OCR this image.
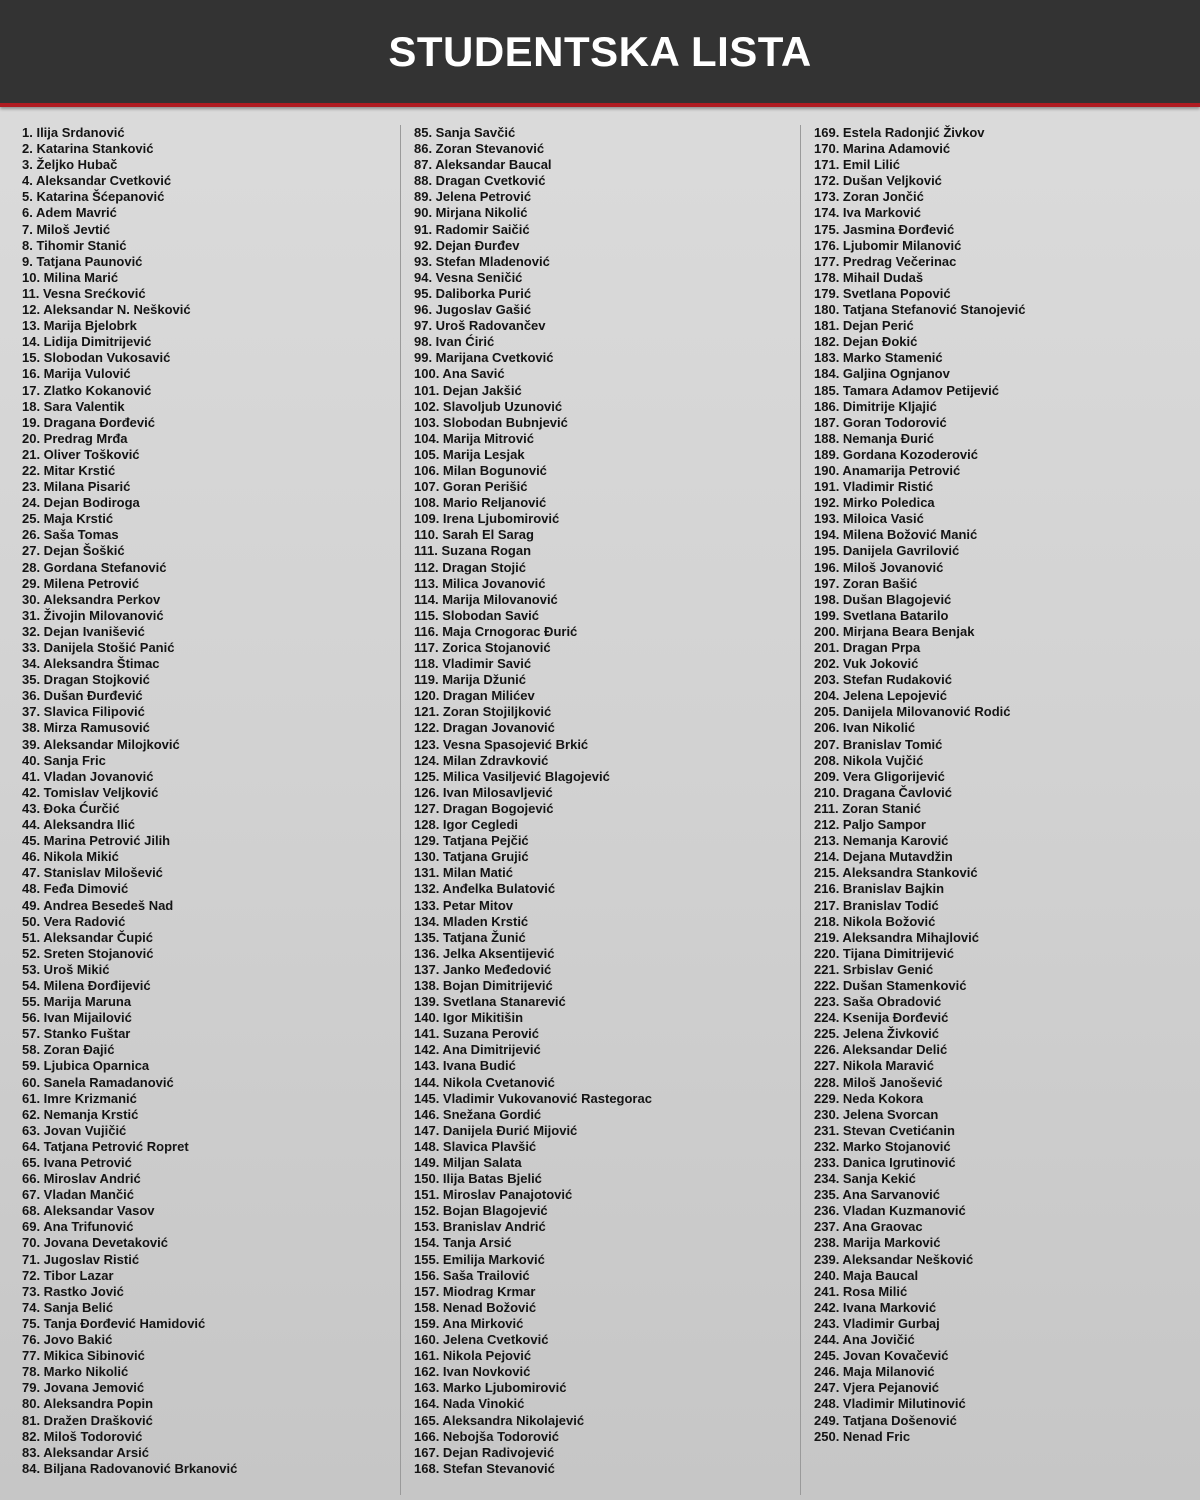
STUDENTSKA LISTA
1. Ilija Srdanović
2. Katarina Stanković
3. Željko Hubač
4. Aleksandar Cvetković
5. Katarina Šćepanović
6. Adem Mavrić
7. Miloš Jevtić
8. Tihomir Stanić
9. Tatjana Paunović
10. Milina Marić
11. Vesna Srećković
12. Aleksandar N. Nešković
13. Marija Bjelobrk
14. Lidija Dimitrijević
15. Slobodan Vukosavić
16. Marija Vulović
17. Zlatko Kokanović
18. Sara Valentik
19. Dragana Đorđević
20. Predrag Mrđa
21. Oliver Tošković
22. Mitar Krstić
23. Milana Pisarić
24. Dejan Bodiroga
25. Maja Krstić
26. Saša Tomas
27. Dejan Šoškić
28. Gordana Stefanović
29. Milena Petrović
30. Aleksandra Perkov
31. Živojin Milovanović
32. Dejan Ivanišević
33. Danijela Stošić Panić
34. Aleksandra Štimac
35. Dragan Stojković
36. Dušan Đurđević
37. Slavica Filipović
38. Mirza Ramusović
39. Aleksandar Milojković
40. Sanja Fric
41. Vladan Jovanović
42. Tomislav Veljković
43. Đoka Ćurčić
44. Aleksandra Ilić
45. Marina Petrović Jilih
46. Nikola Mikić
47. Stanislav Milošević
48. Feđa Dimović
49. Andrea Besedeš Nad
50. Vera Radović
51. Aleksandar Čupić
52. Sreten Stojanović
53. Uroš Mikić
54. Milena Đorđijević
55. Marija Maruna
56. Ivan Mijailović
57. Stanko Fuštar
58. Zoran Đajić
59. Ljubica Oparnica
60. Sanela Ramadanović
61. Imre Krizmanić
62. Nemanja Krstić
63. Jovan Vujičić
64. Tatjana Petrović Ropret
65. Ivana Petrović
66. Miroslav Andrić
67. Vladan Mančić
68. Aleksandar Vasov
69. Ana Trifunović
70. Jovana Devetaković
71. Jugoslav Ristić
72. Tibor Lazar
73. Rastko Jović
74. Sanja Belić
75. Tanja Đorđević Hamidović
76. Jovo Bakić
77. Mikica Sibinović
78. Marko Nikolić
79. Jovana Jemović
80. Aleksandra Popin
81. Dražen Drašković
82. Miloš Todorović
83. Aleksandar Arsić
84. Biljana Radovanović Brkanović
85. Sanja Savčić
86. Zoran Stevanović
87. Aleksandar Baucal
88. Dragan Cvetković
89. Jelena Petrović
90. Mirjana Nikolić
91. Radomir Saičić
92. Dejan Đurđev
93. Stefan Mladenović
94. Vesna Seničić
95. Daliborka Purić
96. Jugoslav Gašić
97. Uroš Radovančev
98. Ivan Ćirić
99. Marijana Cvetković
100. Ana Savić
101. Dejan Jakšić
102. Slavoljub Uzunović
103. Slobodan Bubnjević
104. Marija Mitrović
105. Marija Lesjak
106. Milan Bogunović
107. Goran Perišić
108. Mario Reljanović
109. Irena Ljubomirović
110. Sarah El Sarag
111. Suzana Rogan
112. Dragan Stojić
113. Milica Jovanović
114. Marija Milovanović
115. Slobodan Savić
116. Maja Crnogorac Đurić
117. Zorica Stojanović
118. Vladimir Savić
119. Marija Džunić
120. Dragan Milićev
121. Zoran Stojiljković
122. Dragan Jovanović
123. Vesna Spasojević Brkić
124. Milan Zdravković
125. Milica Vasiljević Blagojević
126. Ivan Milosavljević
127. Dragan Bogojević
128. Igor Cegledi
129. Tatjana Pejčić
130. Tatjana Grujić
131. Milan Matić
132. Anđelka Bulatović
133. Petar Mitov
134. Mladen Krstić
135. Tatjana Žunić
136. Jelka Aksentijević
137. Janko Međedović
138. Bojan Dimitrijević
139. Svetlana Stanarević
140. Igor Mikitišin
141. Suzana Perović
142. Ana Dimitrijević
143. Ivana Budić
144. Nikola Cvetanović
145. Vladimir Vukovanović Rastegorac
146. Snežana Gordić
147. Danijela Đurić Mijović
148. Slavica Plavšić
149. Miljan Salata
150. Ilija Batas Bjelić
151. Miroslav Panajotović
152. Bojan Blagojević
153. Branislav Andrić
154. Tanja Arsić
155. Emilija Marković
156. Saša Trailović
157. Miodrag Krmar
158. Nenad Božović
159. Ana Mirković
160. Jelena Cvetković
161. Nikola Pejović
162. Ivan Novković
163. Marko Ljubomirović
164. Nada Vinokić
165. Aleksandra Nikolajević
166. Nebojša Todorović
167. Dejan Radivojević
168. Stefan Stevanović
169. Estela Radonjić Živkov
170. Marina Adamović
171. Emil Lilić
172. Dušan Veljković
173. Zoran Jončić
174. Iva Marković
175. Jasmina Đorđević
176. Ljubomir Milanović
177. Predrag Večerinac
178. Mihail Dudaš
179. Svetlana Popović
180. Tatjana Stefanović Stanojević
181. Dejan Perić
182. Dejan Đokić
183. Marko Stamenić
184. Galjina Ognjanov
185. Tamara Adamov Petijević
186. Dimitrije Kljajić
187. Goran Todorović
188. Nemanja Đurić
189. Gordana Kozoderović
190. Anamarija Petrović
191. Vladimir Ristić
192. Mirko Poledica
193. Miloica Vasić
194. Milena Božović Manić
195. Danijela Gavrilović
196. Miloš Jovanović
197. Zoran Bašić
198. Dušan Blagojević
199. Svetlana Batarilo
200. Mirjana Beara Benjak
201. Dragan Prpa
202. Vuk Joković
203. Stefan Rudaković
204. Jelena Lepojević
205. Danijela Milovanović Rodić
206. Ivan Nikolić
207. Branislav Tomić
208. Nikola Vujčić
209. Vera Gligorijević
210. Dragana Čavlović
211. Zoran Stanić
212. Paljo Sampor
213. Nemanja Karović
214. Dejana Mutavdžin
215. Aleksandra Stanković
216. Branislav Bajkin
217. Branislav Todić
218. Nikola Božović
219. Aleksandra Mihajlović
220. Tijana Dimitrijević
221. Srbislav Genić
222. Dušan Stamenković
223. Saša Obradović
224. Ksenija Đorđević
225. Jelena Živković
226. Aleksandar Delić
227. Nikola Maravić
228. Miloš Janošević
229. Neda Kokora
230. Jelena Svorcan
231. Stevan Cvetićanin
232. Marko Stojanović
233. Danica Igrutinović
234. Sanja Kekić
235. Ana Sarvanović
236. Vladan Kuzmanović
237. Ana Graovac
238. Marija Marković
239. Aleksandar Nešković
240. Maja Baucal
241. Rosa Milić
242. Ivana Marković
243. Vladimir Gurbaj
244. Ana Jovičić
245. Jovan Kovačević
246. Maja Milanović
247. Vjera Pejanović
248. Vladimir Milutinović
249. Tatjana Došenović
250. Nenad Fric
